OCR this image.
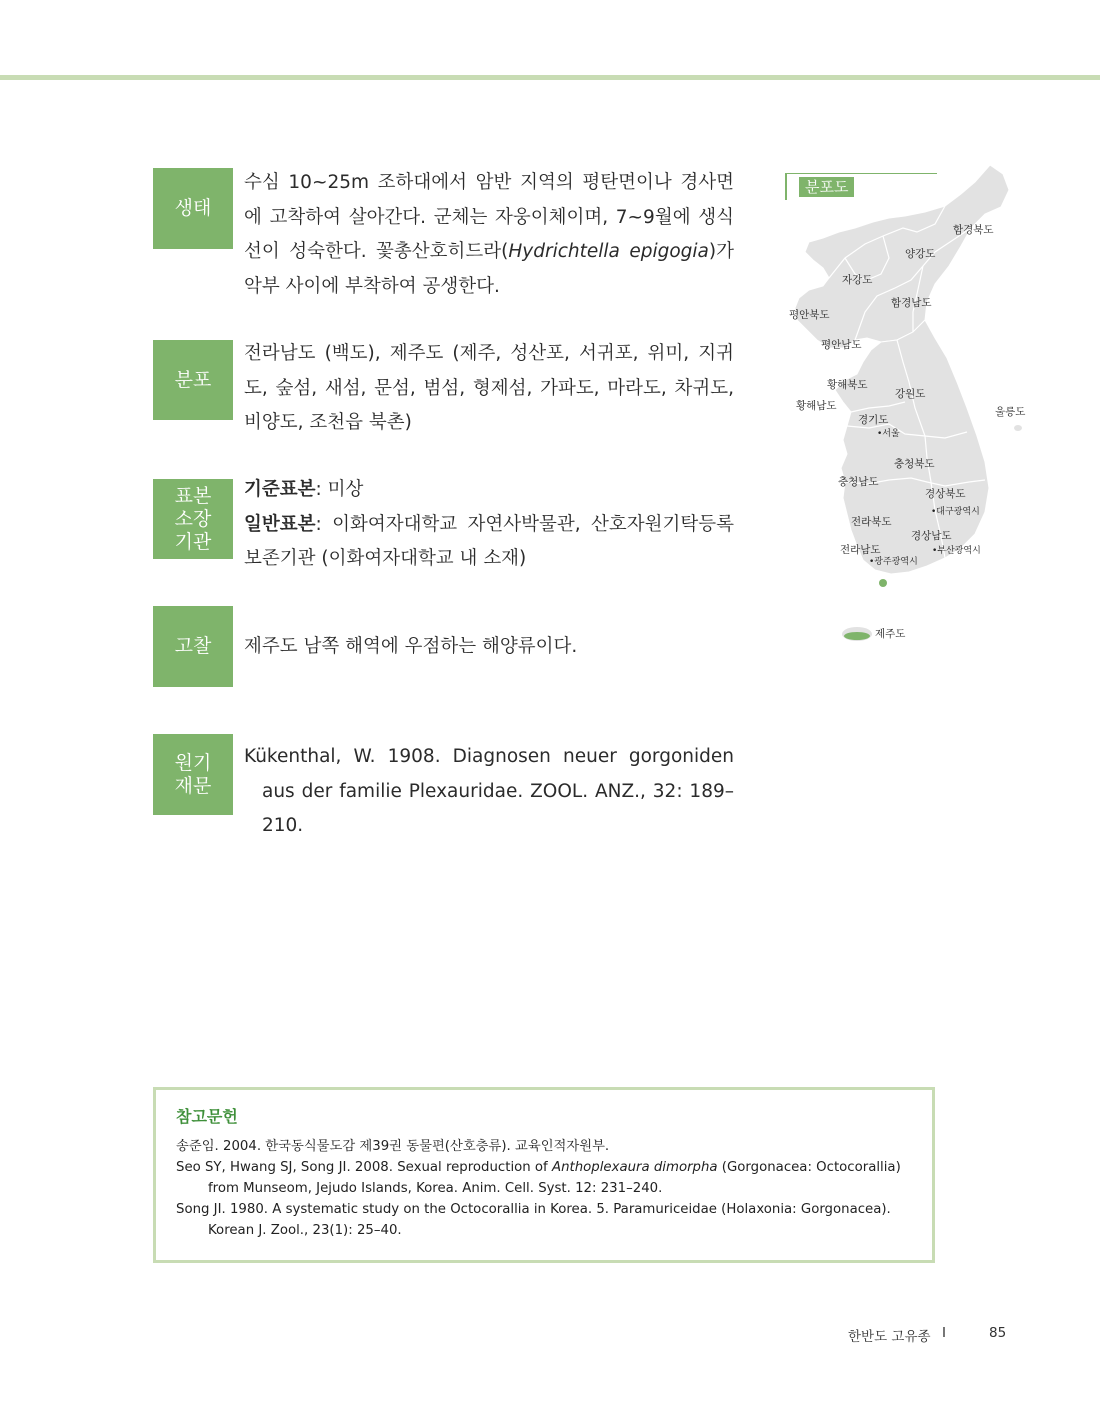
생태

수심 10~25m 조하대에서 암반 지역의 평탄면이나 경사면에 고착하여 살아간다. 군체는 자웅이체이며, 7~9월에 생식선이 성숙한다. 꽃총산호히드라(Hydrichtella epigogia)가 악부 사이에 부착하여 공생한다.

분포

전라남도 (백도), 제주도 (제주, 성산포, 서귀포, 위미, 지귀도, 숲섬, 새섬, 문섬, 범섬, 형제섬, 가파도, 마라도, 차귀도, 비양도, 조천읍 북촌)

표본
소장
기관

기준표본: 미상

일반표본: 이화여자대학교 자연사박물관, 산호자원기탁등록보존기관 (이화여자대학교 내 소재)

고찰 제주도 남쪽 해역에 우점하는 해양류이다.

원기
재문

Kükenthal, W. 1908. Diagnosen neuer gorgoniden aus der familie Plexauridae. ZOOL. ANZ., 32: 189–210.

분포도
함경북도
양강도
자강도
함경남도
평안북도
평안남도
황해북도
황해남도
강원도
울릉도
경기도
•서울
충청북도
충청남도
경상북도
•대구광역시
전라북도
경상남도
전라남도
•광주광역시
•부산광역시
제주도
참고문헌

송준임. 2004. 한국동식물도감 제39권 동물편(산호충류). 교육인적자원부.

Seo SY, Hwang SJ, Song JI. 2008. Sexual reproduction of Anthoplexaura dimorpha (Gorgonacea: Octocorallia) from Munseom, Jejudo Islands, Korea. Anim. Cell. Syst. 12: 231–240.

Song JI. 1980. A systematic study on the Octocorallia in Korea. 5. Paramuriceidae (Holaxonia: Gorgonacea). Korean J. Zool., 23(1): 25–40.

한반도 고유종 I	85
